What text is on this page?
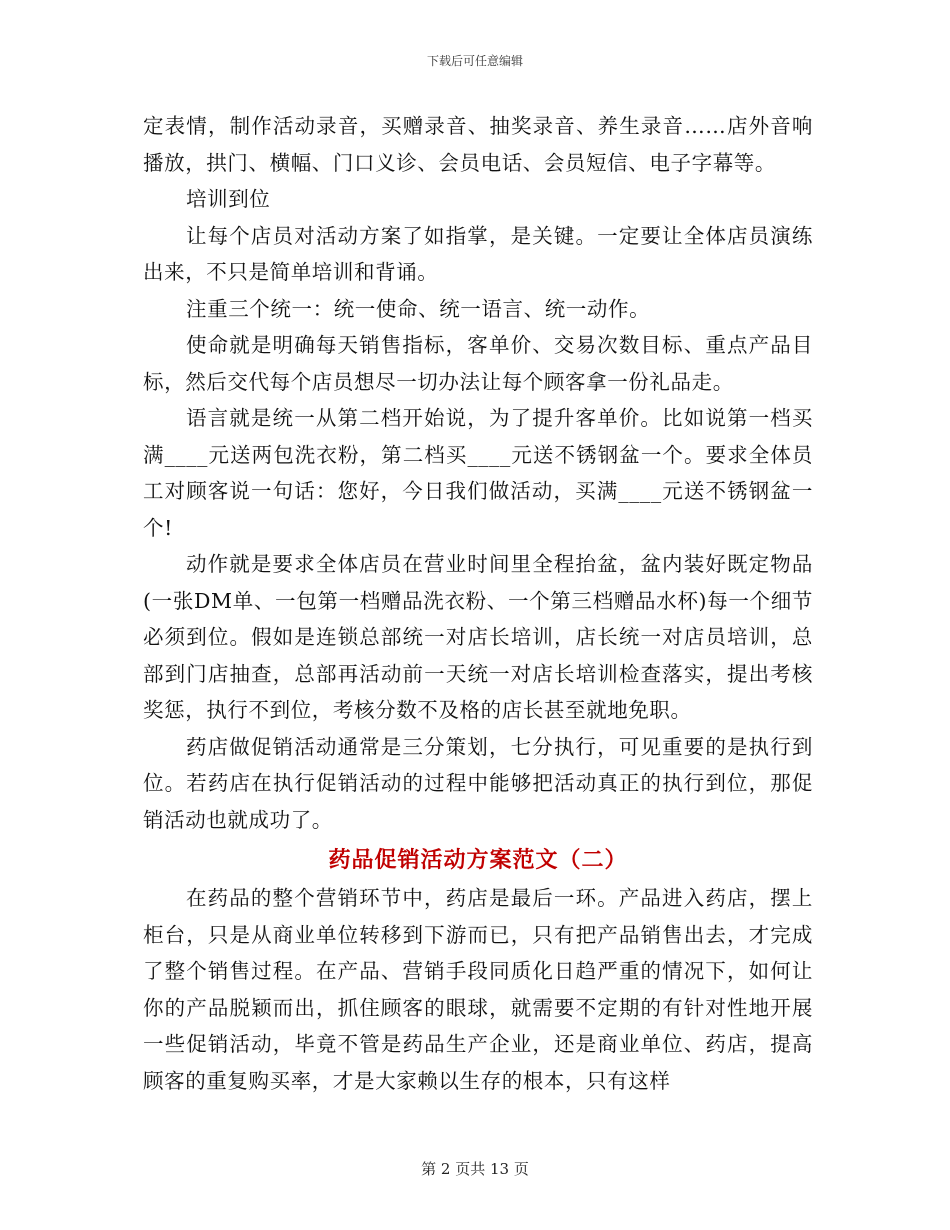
下载后可任意编辑

定表情，制作活动录音，买赠录音、抽奖录音、养生录音……店外音响播放，拱门、横幅、门口义诊、会员电话、会员短信、电子字幕等。

培训到位

让每个店员对活动方案了如指掌，是关键。一定要让全体店员演练出来，不只是简单培训和背诵。

注重三个统一：统一使命、统一语言、统一动作。

使命就是明确每天销售指标，客单价、交易次数目标、重点产品目标，然后交代每个店员想尽一切办法让每个顾客拿一份礼品走。

语言就是统一从第二档开始说，为了提升客单价。比如说第一档买满____元送两包洗衣粉，第二档买____元送不锈钢盆一个。要求全体员工对顾客说一句话：您好，今日我们做活动，买满____元送不锈钢盆一个!

动作就是要求全体店员在营业时间里全程抬盆，盆内装好既定物品(一张DM单、一包第一档赠品洗衣粉、一个第三档赠品水杯)每一个细节必须到位。假如是连锁总部统一对店长培训，店长统一对店员培训，总部到门店抽查，总部再活动前一天统一对店长培训检查落实，提出考核奖惩，执行不到位，考核分数不及格的店长甚至就地免职。

药店做促销活动通常是三分策划，七分执行，可见重要的是执行到位。若药店在执行促销活动的过程中能够把活动真正的执行到位，那促销活动也就成功了。

药品促销活动方案范文（二）

在药品的整个营销环节中，药店是最后一环。产品进入药店，摆上柜台，只是从商业单位转移到下游而已，只有把产品销售出去，才完成了整个销售过程。在产品、营销手段同质化日趋严重的情况下，如何让你的产品脱颖而出，抓住顾客的眼球，就需要不定期的有针对性地开展一些促销活动，毕竟不管是药品生产企业，还是商业单位、药店，提高顾客的重复购买率，才是大家赖以生存的根本，只有这样

第 2 页共 13 页
